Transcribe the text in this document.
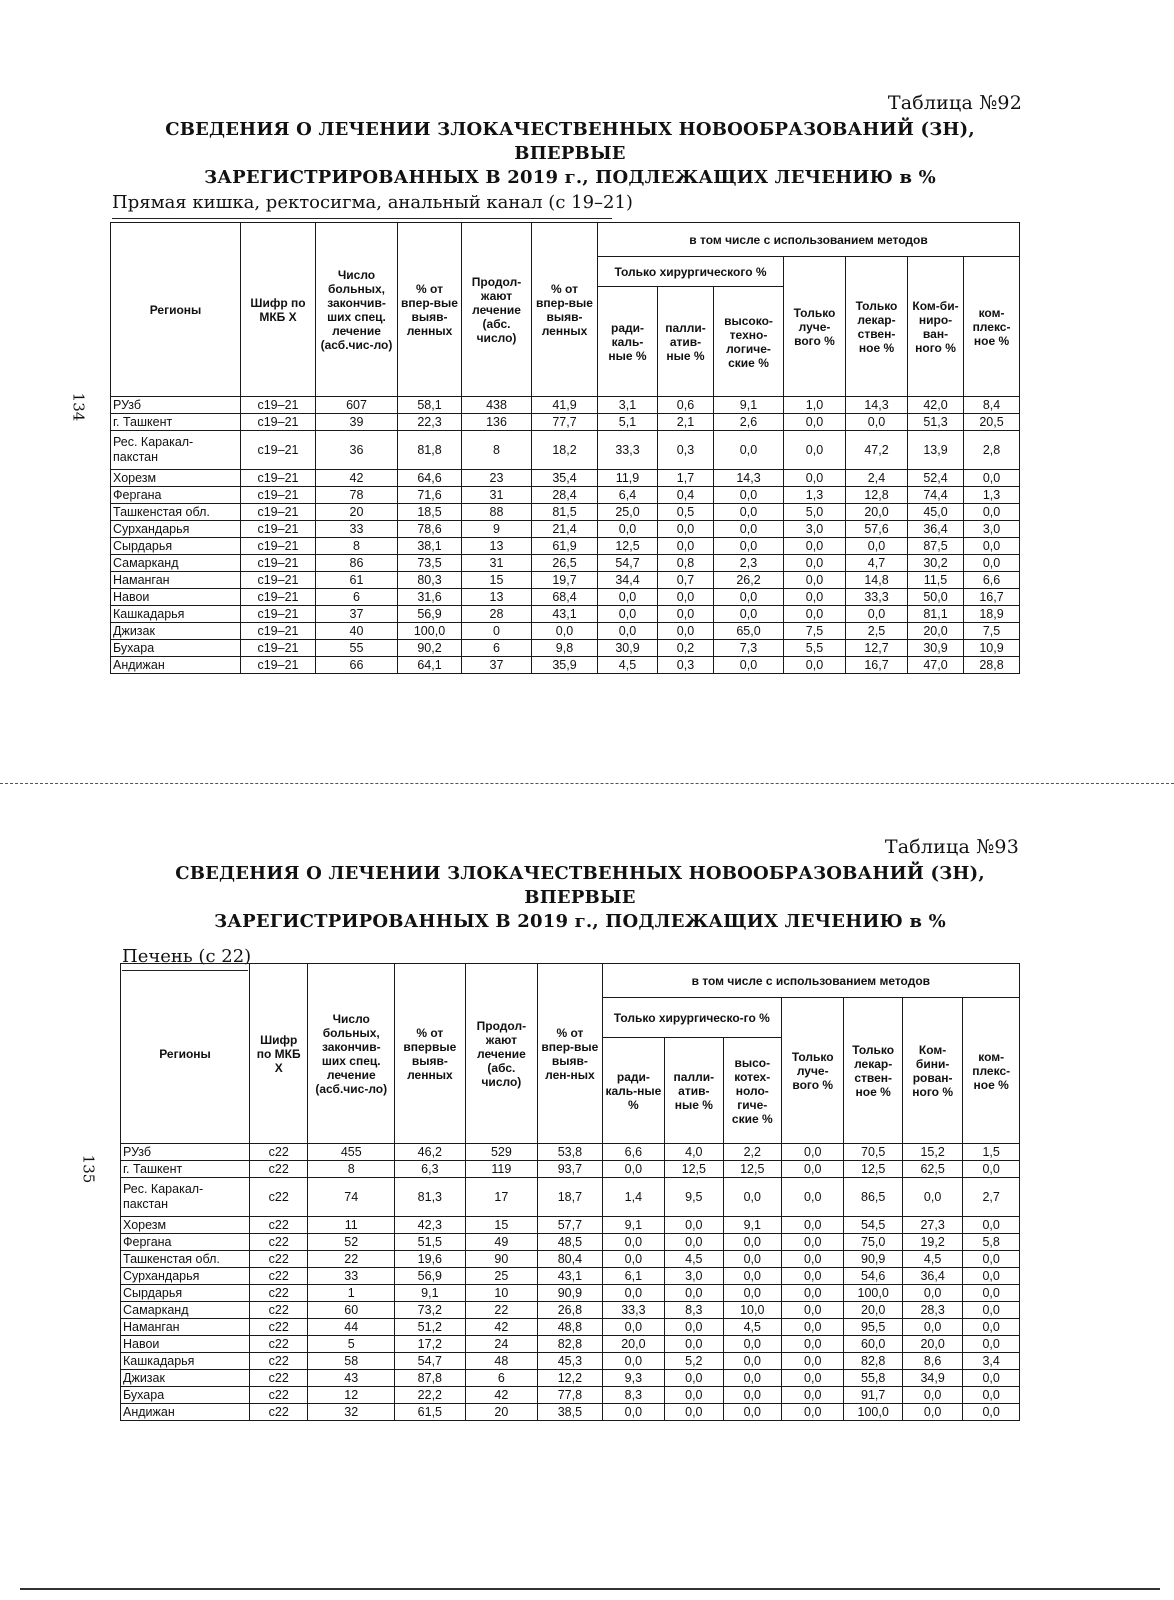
134
135
Таблица №92
СВЕДЕНИЯ О ЛЕЧЕНИИ ЗЛОКАЧЕСТВЕННЫХ НОВООБРАЗОВАНИЙ (ЗН), ВПЕРВЫЕ
ЗАРЕГИСТРИРОВАННЫХ В 2019 г., ПОДЛЕЖАЩИХ ЛЕЧЕНИЮ в %
Прямая кишка, ректосигма, анальный канал (с 19–21)
Регионы	Шифр по МКБ X	Число больных, закончив-ших спец. лечение (асб.чис-ло)	% от впер-вые выяв-ленных	Продол-жают лечение (абс. число)	% от впер-вые выяв-ленных	в том числе с использованием методов						
						Только хирургического %			Только луче-вого %	Только лекар-ствен-ное %	Ком-би-ниро-ван-ного %	ком-плекс-ное %
						ради-каль-ные %	палли-атив-ные %	высоко-техно-логиче-ские %				
РУзб	с19–21	607	58,1	438	41,9	3,1	0,6	9,1	1,0	14,3	42,0	8,4
г. Ташкент	с19–21	39	22,3	136	77,7	5,1	2,1	2,6	0,0	0,0	51,3	20,5
Рес. Каракал-пакстан	с19–21	36	81,8	8	18,2	33,3	0,3	0,0	0,0	47,2	13,9	2,8
Хорезм	с19–21	42	64,6	23	35,4	11,9	1,7	14,3	0,0	2,4	52,4	0,0
Фергана	с19–21	78	71,6	31	28,4	6,4	0,4	0,0	1,3	12,8	74,4	1,3
Ташкенстая обл.	с19–21	20	18,5	88	81,5	25,0	0,5	0,0	5,0	20,0	45,0	0,0
Сурхандарья	с19–21	33	78,6	9	21,4	0,0	0,0	0,0	3,0	57,6	36,4	3,0
Сырдарья	с19–21	8	38,1	13	61,9	12,5	0,0	0,0	0,0	0,0	87,5	0,0
Самарканд	с19–21	86	73,5	31	26,5	54,7	0,8	2,3	0,0	4,7	30,2	0,0
Наманган	с19–21	61	80,3	15	19,7	34,4	0,7	26,2	0,0	14,8	11,5	6,6
Навои	с19–21	6	31,6	13	68,4	0,0	0,0	0,0	0,0	33,3	50,0	16,7
Кашкадарья	с19–21	37	56,9	28	43,1	0,0	0,0	0,0	0,0	0,0	81,1	18,9
Джизак	с19–21	40	100,0	0	0,0	0,0	0,0	65,0	7,5	2,5	20,0	7,5
Бухара	с19–21	55	90,2	6	9,8	30,9	0,2	7,3	5,5	12,7	30,9	10,9
Андижан	с19–21	66	64,1	37	35,9	4,5	0,3	0,0	0,0	16,7	47,0	28,8
Таблица №93
СВЕДЕНИЯ О ЛЕЧЕНИИ ЗЛОКАЧЕСТВЕННЫХ НОВООБРАЗОВАНИЙ (ЗН), ВПЕРВЫЕ
ЗАРЕГИСТРИРОВАННЫХ В 2019 г., ПОДЛЕЖАЩИХ ЛЕЧЕНИЮ в %
Печень (с 22)
Регионы	Шифр по МКБ X	Число больных, закончив-ших спец. лечение (асб.чис-ло)	% от впервые выяв-ленных	Продол-жают лечение (абс. число)	% от впер-вые выяв-лен-ных	в том числе с использованием методов						
						Только хирургическо-го %			Только луче-вого %	Только лекар-ствен-ное %	Ком-бини-рован-ного %	ком-плекс-ное %
						ради-каль-ные %	палли-атив-ные %	высо-котех-ноло-гиче-ские %				
РУзб	с22	455	46,2	529	53,8	6,6	4,0	2,2	0,0	70,5	15,2	1,5
г. Ташкент	с22	8	6,3	119	93,7	0,0	12,5	12,5	0,0	12,5	62,5	0,0
Рес. Каракал-пакстан	с22	74	81,3	17	18,7	1,4	9,5	0,0	0,0	86,5	0,0	2,7
Хорезм	с22	11	42,3	15	57,7	9,1	0,0	9,1	0,0	54,5	27,3	0,0
Фергана	с22	52	51,5	49	48,5	0,0	0,0	0,0	0,0	75,0	19,2	5,8
Ташкенстая обл.	с22	22	19,6	90	80,4	0,0	4,5	0,0	0,0	90,9	4,5	0,0
Сурхандарья	с22	33	56,9	25	43,1	6,1	3,0	0,0	0,0	54,6	36,4	0,0
Сырдарья	с22	1	9,1	10	90,9	0,0	0,0	0,0	0,0	100,0	0,0	0,0
Самарканд	с22	60	73,2	22	26,8	33,3	8,3	10,0	0,0	20,0	28,3	0,0
Наманган	с22	44	51,2	42	48,8	0,0	0,0	4,5	0,0	95,5	0,0	0,0
Навои	с22	5	17,2	24	82,8	20,0	0,0	0,0	0,0	60,0	20,0	0,0
Кашкадарья	с22	58	54,7	48	45,3	0,0	5,2	0,0	0,0	82,8	8,6	3,4
Джизак	с22	43	87,8	6	12,2	9,3	0,0	0,0	0,0	55,8	34,9	0,0
Бухара	с22	12	22,2	42	77,8	8,3	0,0	0,0	0,0	91,7	0,0	0,0
Андижан	с22	32	61,5	20	38,5	0,0	0,0	0,0	0,0	100,0	0,0	0,0
